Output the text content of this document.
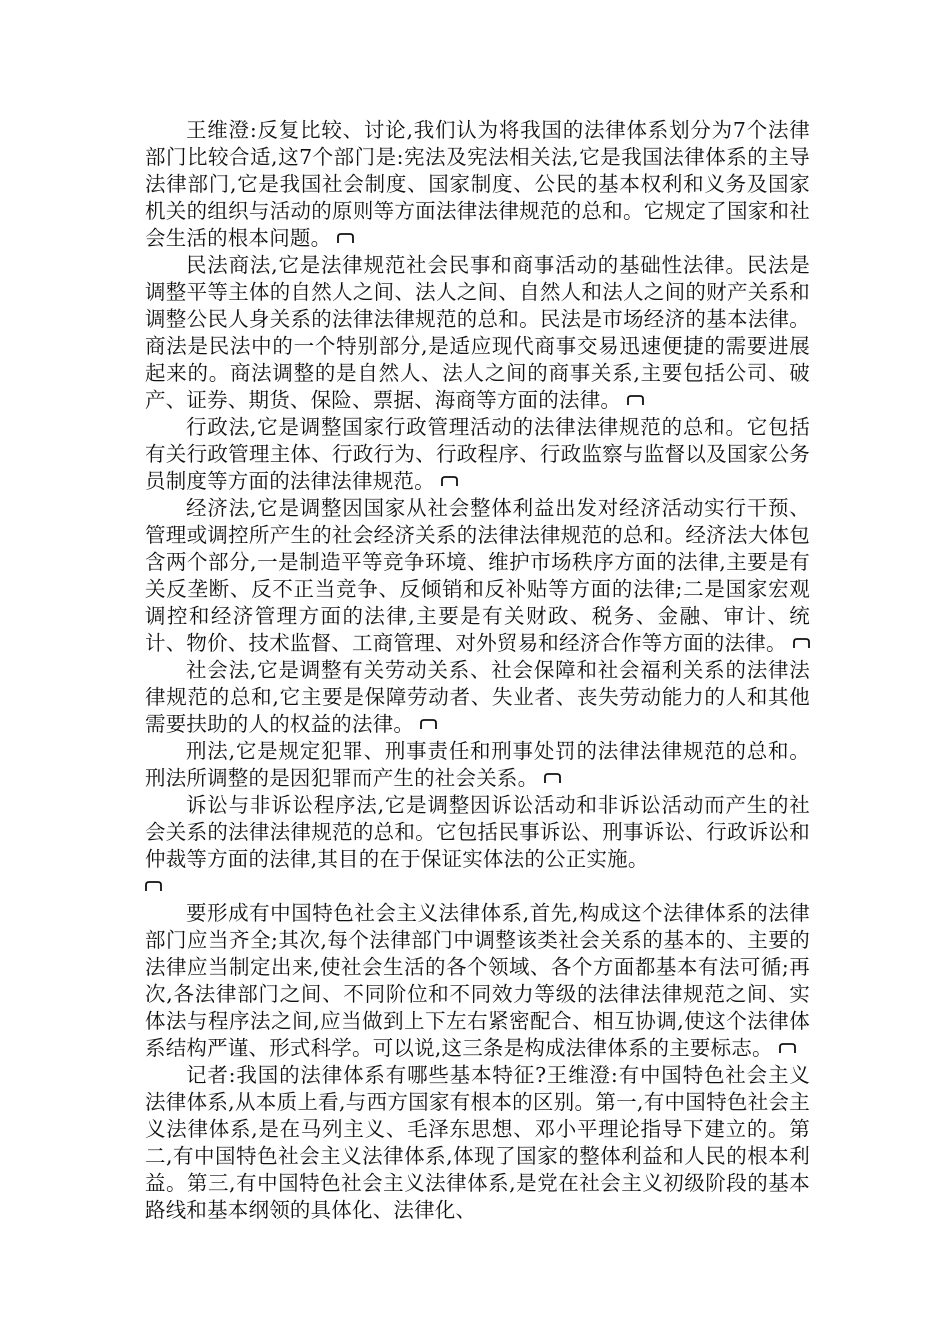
王维澄:反复比较、讨论,我们认为将我国的法律体系划分为7个法律部门比较合适,这7个部门是:宪法及宪法相关法,它是我国法律体系的主导法律部门,它是我国社会制度、国家制度、公民的基本权利和义务及国家机关的组织与活动的原则等方面法律法律规范的总和。它规定了国家和社会生活的根本问题。

民法商法,它是法律规范社会民事和商事活动的基础性法律。民法是调整平等主体的自然人之间、法人之间、自然人和法人之间的财产关系和调整公民人身关系的法律法律规范的总和。民法是市场经济的基本法律。商法是民法中的一个特别部分,是适应现代商事交易迅速便捷的需要进展起来的。商法调整的是自然人、法人之间的商事关系,主要包括公司、破产、证券、期货、保险、票据、海商等方面的法律。

行政法,它是调整国家行政管理活动的法律法律规范的总和。它包括有关行政管理主体、行政行为、行政程序、行政监察与监督以及国家公务员制度等方面的法律法律规范。

经济法,它是调整因国家从社会整体利益出发对经济活动实行干预、管理或调控所产生的社会经济关系的法律法律规范的总和。经济法大体包含两个部分,一是制造平等竞争环境、维护市场秩序方面的法律,主要是有关反垄断、反不正当竞争、反倾销和反补贴等方面的法律;二是国家宏观调控和经济管理方面的法律,主要是有关财政、税务、金融、审计、统计、物价、技术监督、工商管理、对外贸易和经济合作等方面的法律。

社会法,它是调整有关劳动关系、社会保障和社会福利关系的法律法律规范的总和,它主要是保障劳动者、失业者、丧失劳动能力的人和其他需要扶助的人的权益的法律。

刑法,它是规定犯罪、刑事责任和刑事处罚的法律法律规范的总和。刑法所调整的是因犯罪而产生的社会关系。

诉讼与非诉讼程序法,它是调整因诉讼活动和非诉讼活动而产生的社会关系的法律法律规范的总和。它包括民事诉讼、刑事诉讼、行政诉讼和仲裁等方面的法律,其目的在于保证实体法的公正实施。

要形成有中国特色社会主义法律体系,首先,构成这个法律体系的法律部门应当齐全;其次,每个法律部门中调整该类社会关系的基本的、主要的法律应当制定出来,使社会生活的各个领域、各个方面都基本有法可循;再次,各法律部门之间、不同阶位和不同效力等级的法律法律规范之间、实体法与程序法之间,应当做到上下左右紧密配合、相互协调,使这个法律体系结构严谨、形式科学。可以说,这三条是构成法律体系的主要标志。

记者:我国的法律体系有哪些基本特征?王维澄:有中国特色社会主义法律体系,从本质上看,与西方国家有根本的区别。第一,有中国特色社会主义法律体系,是在马列主义、毛泽东思想、邓小平理论指导下建立的。第二,有中国特色社会主义法律体系,体现了国家的整体利益和人民的根本利益。第三,有中国特色社会主义法律体系,是党在社会主义初级阶段的基本路线和基本纲领的具体化、法律化、
